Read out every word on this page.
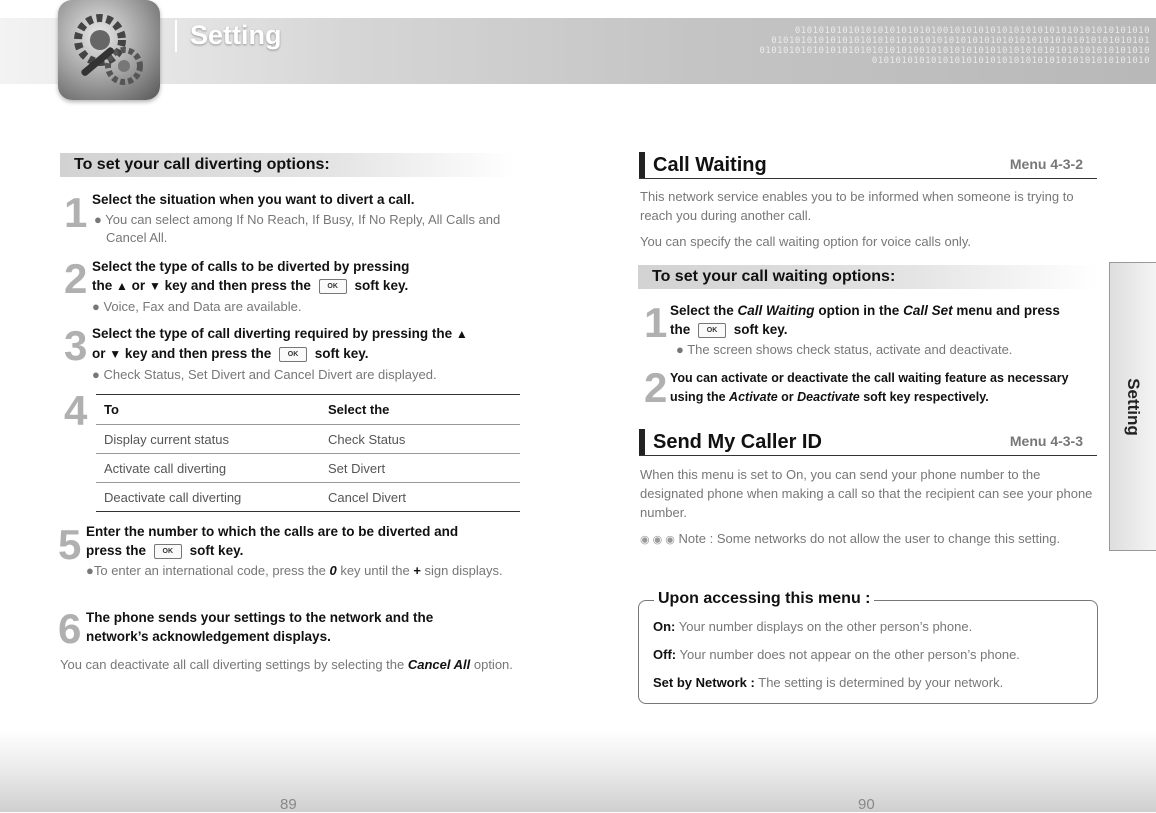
010101010101010101010101001010101010101010101010101010101010
0101010101010101010101010101010101010101010101010101010101010101
010101010101010101010101010010101010101010101010101010101010101010
01010101010101010101010101010101010101010101010
Setting
To set your call diverting options:
1 Select the situation when you want to divert a call.
● You can select among If No Reach, If Busy, If No Reply, All Calls and Cancel All.
2 Select the type of calls to be diverted by pressing
the ▲ or ▼ key and then press the OK soft key.
● Voice, Fax and Data are available.
3 Select the type of call diverting required by pressing the ▲
or ▼ key and then press the OK soft key.
● Check Status, Set Divert and Cancel Divert are displayed.
4 To	Select the
Display current status	Check Status
Activate call diverting	Set Divert
Deactivate call diverting	Cancel Divert
5 Enter the number to which the calls are to be diverted and
press the OK soft key.
●To enter an international code, press the 0 key until the + sign displays.
6 The phone sends your settings to the network and the
network’s acknowledgement displays.
You can deactivate all call diverting settings by selecting the Cancel All option.
Call Waiting	Menu 4-3-2
This network service enables you to be informed when someone is trying to reach you during another call.
You can specify the call waiting option for voice calls only.
To set your call waiting options:
1 Select the Call Waiting option in the Call Set menu and press
the OK soft key.
● The screen shows check status, activate and deactivate.
2 You can activate or deactivate the call waiting feature as necessary
using the Activate or Deactivate soft key respectively.
Send My Caller ID	Menu 4-3-3
When this menu is set to On, you can send your phone number to the designated phone when making a call so that the recipient can see your phone number.
◉ ◉ ◉ Note : Some networks do not allow the user to change this setting.
Upon accessing this menu :
On: Your number displays on the other person’s phone.
Off: Your number does not appear on the other person’s phone.
Set by Network : The setting is determined by your network.
Setting
89	90
